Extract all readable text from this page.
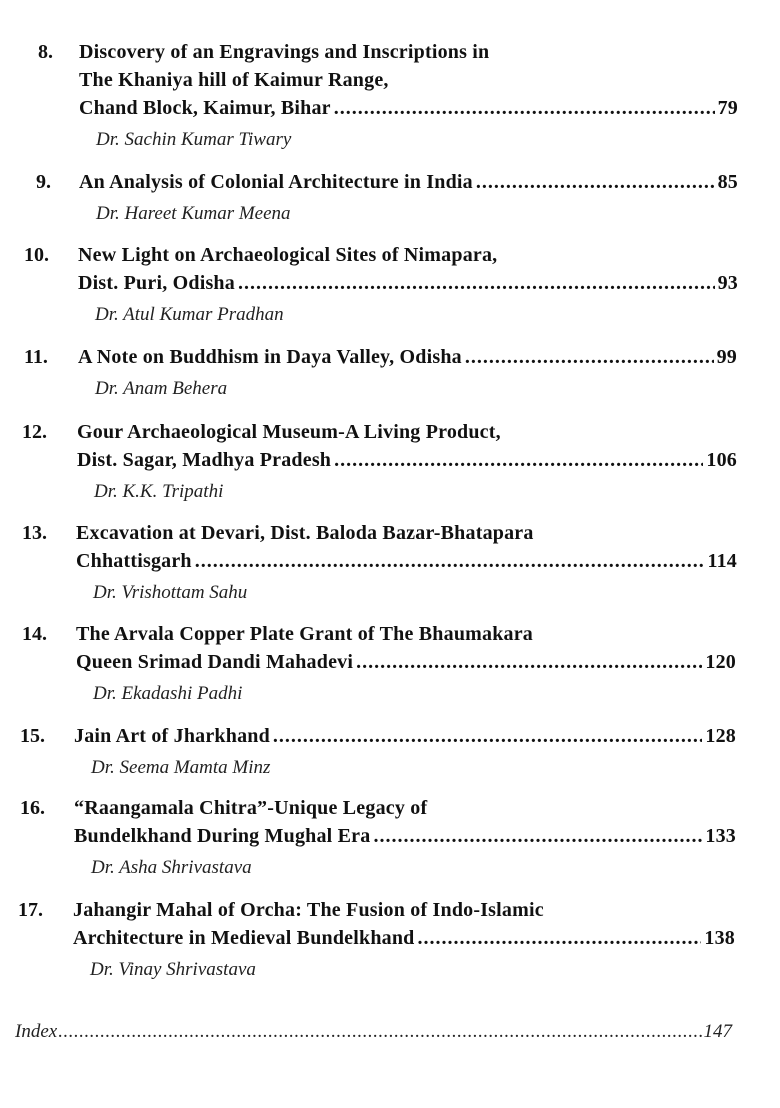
8. Discovery of an Engravings and Inscriptions in
The Khaniya hill of Kaimur Range,
Chand Block, Kaimur, Bihar .....	79
Dr. Sachin Kumar Tiwary
9. An Analysis of Colonial Architecture in India .....	85
Dr. Hareet Kumar Meena
10. New Light on Archaeological Sites of Nimapara,
Dist. Puri, Odisha .....	93
Dr. Atul Kumar Pradhan
11. A Note on Buddhism in Daya Valley, Odisha .....	99
Dr. Anam Behera
12. Gour Archaeological Museum-A Living Product,
Dist. Sagar, Madhya Pradesh .....	106
Dr. K.K. Tripathi
13. Excavation at Devari, Dist. Baloda Bazar-Bhatapara
Chhattisgarh .....	114
Dr. Vrishottam Sahu
14. The Arvala Copper Plate Grant of The Bhaumakara
Queen Srimad Dandi Mahadevi .....	120
Dr. Ekadashi Padhi
15. Jain Art of Jharkhand .....	128
Dr. Seema Mamta Minz
16. “Raangamala Chitra”-Unique Legacy of
Bundelkhand During Mughal Era .....	133
Dr. Asha Shrivastava
17. Jahangir Mahal of Orcha: The Fusion of Indo-Islamic
Architecture in Medieval Bundelkhand .....	138
Dr. Vinay Shrivastava
Index .....	147
